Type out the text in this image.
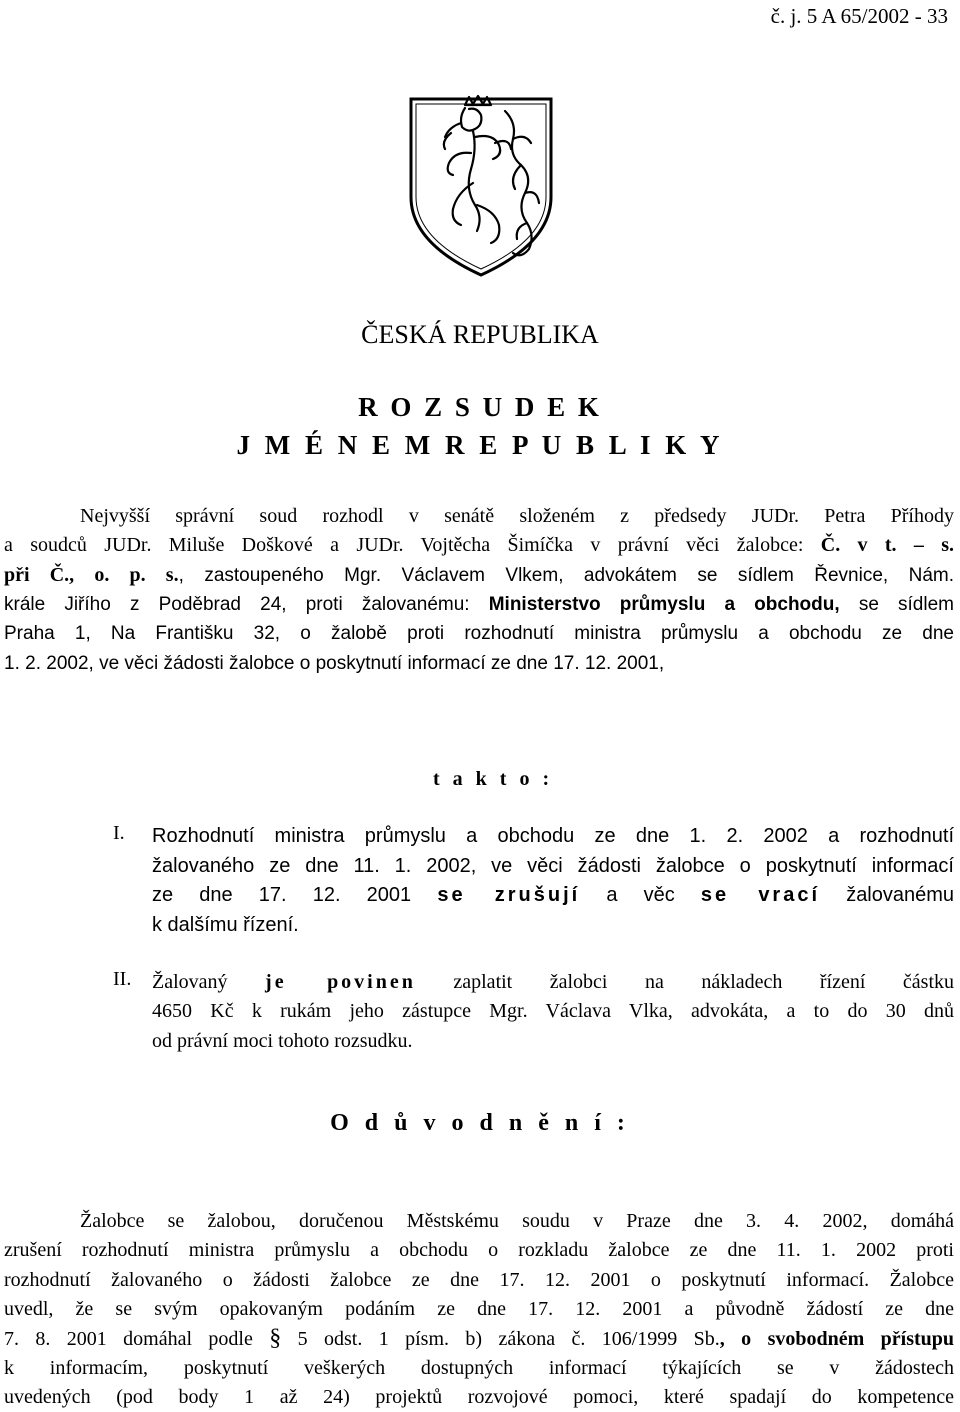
č. j. 5 A 65/2002 - 33
ČESKÁ REPUBLIKA
R O Z S U D E K
J M É N E M R E P U B L I K Y
Nejvyšší správní soud rozhodl v senátě složeném z předsedy JUDr. Petra Příhody
a soudců JUDr. Miluše Doškové a JUDr. Vojtěcha Šimíčka v právní věci žalobce: Č. v t. – s.
při Č., o. p. s., zastoupeného Mgr. Václavem Vlkem, advokátem se sídlem Řevnice, Nám.
krále Jiřího z Poděbrad 24, proti žalovanému: Ministerstvo průmyslu a obchodu, se sídlem
Praha 1, Na Františku 32, o žalobě proti rozhodnutí ministra průmyslu a obchodu ze dne
1. 2. 2002, ve věci žádosti žalobce o poskytnutí informací ze dne 17. 12. 2001,
t a k t o :
I. Rozhodnutí ministra průmyslu a obchodu ze dne 1. 2. 2002 a rozhodnutí
žalovaného ze dne 11. 1. 2002, ve věci žádosti žalobce o poskytnutí informací
ze dne 17. 12. 2001 se zrušují a věc se vrací žalovanému
k dalšímu řízení.
II. Žalovaný je povinen zaplatit žalobci na nákladech řízení částku
4650 Kč k rukám jeho zástupce Mgr. Václava Vlka, advokáta, a to do 30 dnů
od právní moci tohoto rozsudku.
O d ů v o d n ě n í :
Žalobce se žalobou, doručenou Městskému soudu v Praze dne 3. 4. 2002, domáhá
zrušení rozhodnutí ministra průmyslu a obchodu o rozkladu žalobce ze dne 11. 1. 2002 proti
rozhodnutí žalovaného o žádosti žalobce ze dne 17. 12. 2001 o poskytnutí informací. Žalobce
uvedl, že se svým opakovaným podáním ze dne 17. 12. 2001 a původně žádostí ze dne
7. 8. 2001 domáhal podle § 5 odst. 1 písm. b) zákona č. 106/1999 Sb., o svobodném přístupu
k informacím, poskytnutí veškerých dostupných informací týkajících se v žádostech
uvedených (pod body 1 až 24) projektů rozvojové pomoci, které spadají do kompetence
